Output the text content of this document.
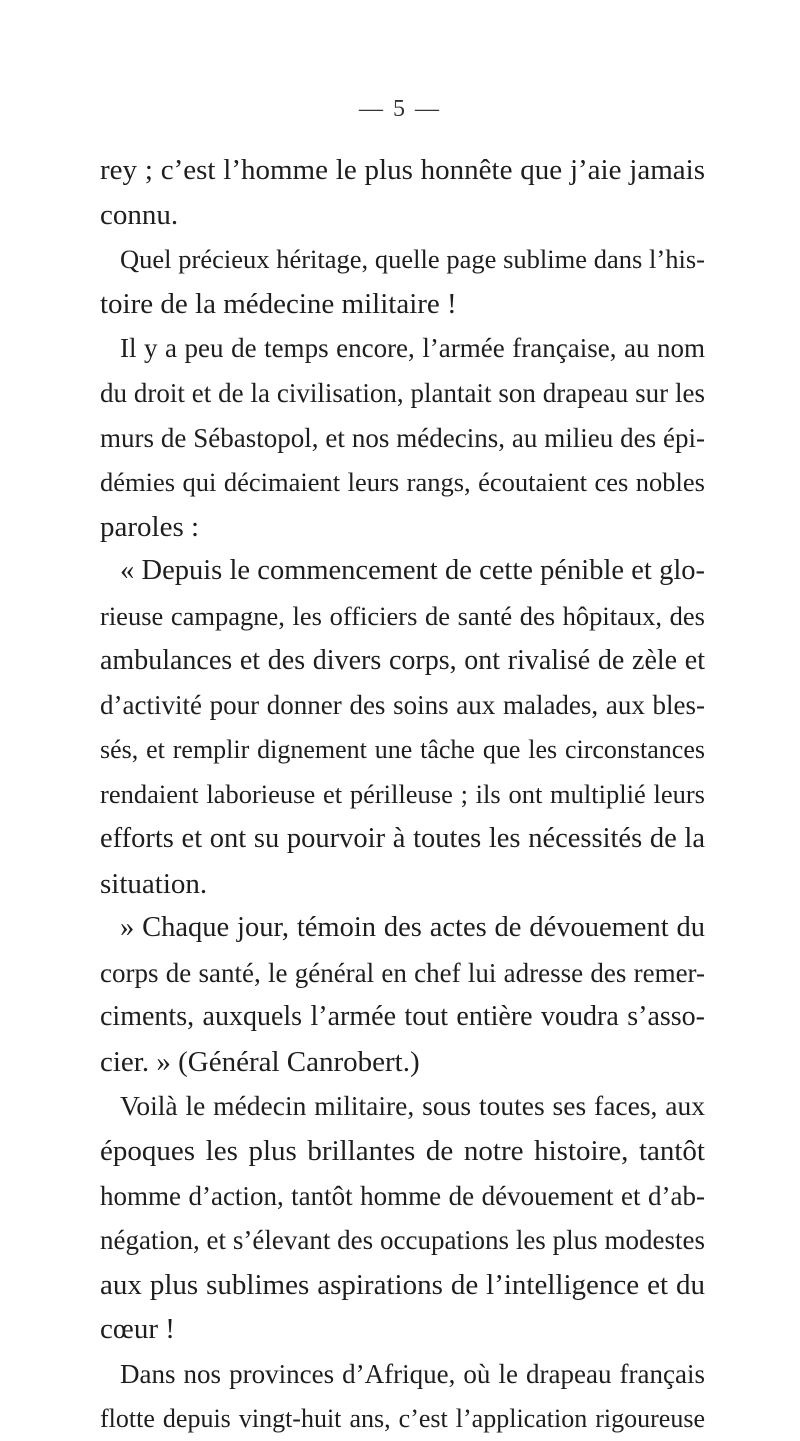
— 5 —
rey ; c’est l’homme le plus honnête que j’aie jamais
connu.
Quel précieux héritage, quelle page sublime dans l’his-
toire de la médecine militaire !
Il y a peu de temps encore, l’armée française, au nom
du droit et de la civilisation, plantait son drapeau sur les
murs de Sébastopol, et nos médecins, au milieu des épi-
démies qui décimaient leurs rangs, écoutaient ces nobles
paroles :
« Depuis le commencement de cette pénible et glo-
rieuse campagne, les officiers de santé des hôpitaux, des
ambulances et des divers corps, ont rivalisé de zèle et
d’activité pour donner des soins aux malades, aux bles-
sés, et remplir dignement une tâche que les circonstances
rendaient laborieuse et périlleuse ; ils ont multiplié leurs
efforts et ont su pourvoir à toutes les nécessités de la
situation.
» Chaque jour, témoin des actes de dévouement du
corps de santé, le général en chef lui adresse des remer-
ciments, auxquels l’armée tout entière voudra s’asso-
cier. » (Général Canrobert.)
Voilà le médecin militaire, sous toutes ses faces, aux
époques les plus brillantes de notre histoire, tantôt
homme d’action, tantôt homme de dévouement et d’ab-
négation, et s’élevant des occupations les plus modestes
aux plus sublimes aspirations de l’intelligence et du
cœur !
Dans nos provinces d’Afrique, où le drapeau français
flotte depuis vingt-huit ans, c’est l’application rigoureuse
